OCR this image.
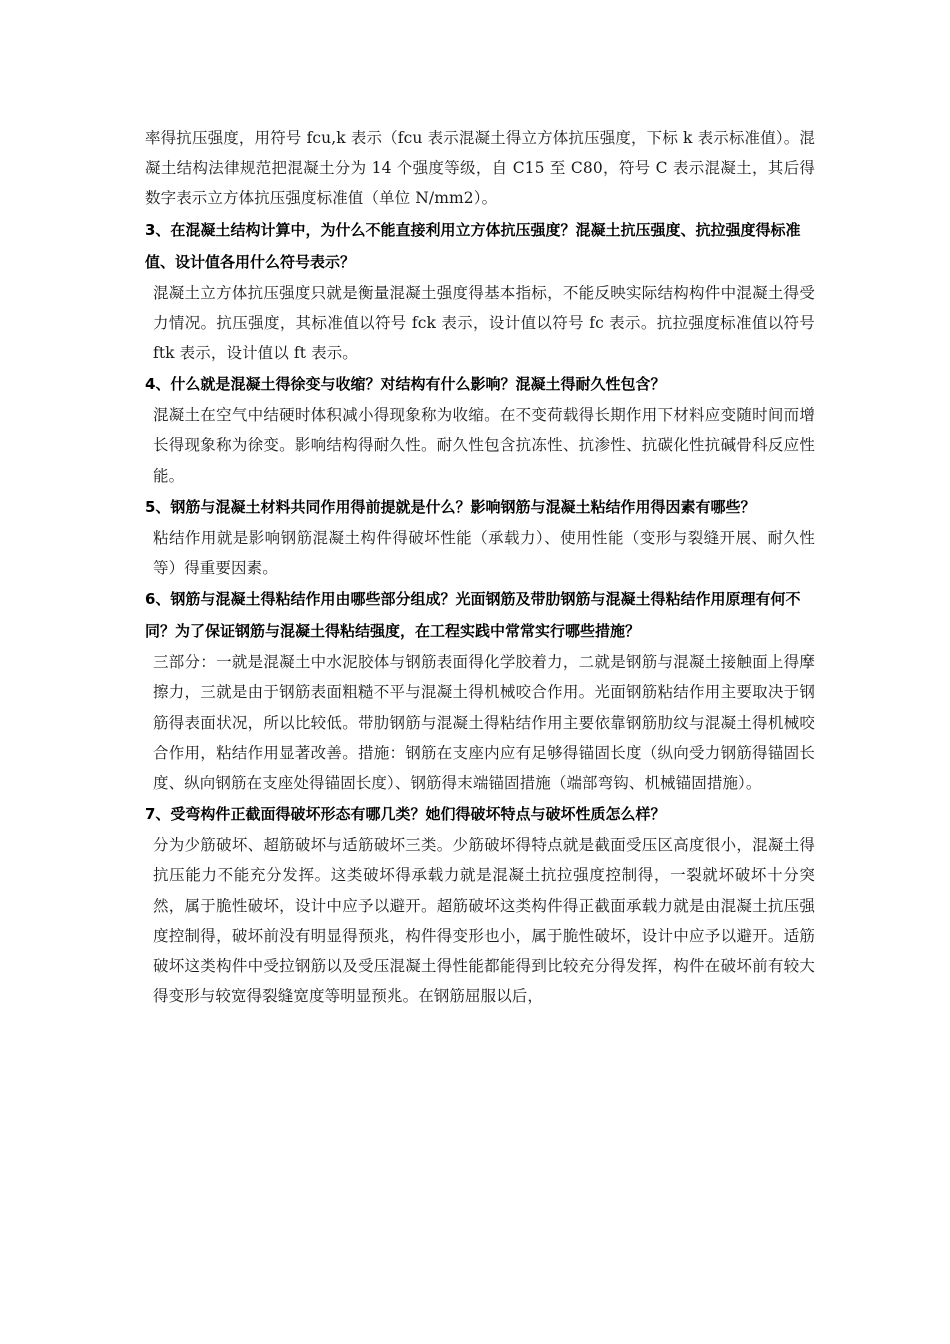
率得抗压强度，用符号 fcu,k 表示（fcu 表示混凝土得立方体抗压强度，下标 k 表示标准值）。混凝土结构法律规范把混凝土分为 14 个强度等级，自 C15 至 C80，符号 C 表示混凝土，其后得数字表示立方体抗压强度标准值（单位 N/mm2）。

3、在混凝土结构计算中，为什么不能直接利用立方体抗压强度？混凝土抗压强度、抗拉强度得标准值、设计值各用什么符号表示？

混凝土立方体抗压强度只就是衡量混凝土强度得基本指标，不能反映实际结构构件中混凝土得受力情况。抗压强度，其标准值以符号 fck 表示，设计值以符号 fc 表示。抗拉强度标准值以符号 ftk 表示，设计值以 ft 表示。

4、什么就是混凝土得徐变与收缩？对结构有什么影响？混凝土得耐久性包含？

混凝土在空气中结硬时体积减小得现象称为收缩。在不变荷载得长期作用下材料应变随时间而增长得现象称为徐变。影响结构得耐久性。耐久性包含抗冻性、抗渗性、抗碳化性抗碱骨科反应性能。

5、钢筋与混凝土材料共同作用得前提就是什么？影响钢筋与混凝土粘结作用得因素有哪些？

粘结作用就是影响钢筋混凝土构件得破坏性能（承载力）、使用性能（变形与裂缝开展、耐久性等）得重要因素。

6、钢筋与混凝土得粘结作用由哪些部分组成？光面钢筋及带肋钢筋与混凝土得粘结作用原理有何不同？为了保证钢筋与混凝土得粘结强度，在工程实践中常常实行哪些措施？

三部分：一就是混凝土中水泥胶体与钢筋表面得化学胶着力，二就是钢筋与混凝土接触面上得摩擦力，三就是由于钢筋表面粗糙不平与混凝土得机械咬合作用。光面钢筋粘结作用主要取决于钢筋得表面状况，所以比较低。带肋钢筋与混凝土得粘结作用主要依靠钢筋肋纹与混凝土得机械咬合作用，粘结作用显著改善。措施：钢筋在支座内应有足够得锚固长度（纵向受力钢筋得锚固长度、纵向钢筋在支座处得锚固长度）、钢筋得末端锚固措施（端部弯钩、机械锚固措施）。

7、受弯构件正截面得破坏形态有哪几类？她们得破坏特点与破坏性质怎么样？

分为少筋破坏、超筋破坏与适筋破坏三类。少筋破坏得特点就是截面受压区高度很小，混凝土得抗压能力不能充分发挥。这类破坏得承载力就是混凝土抗拉强度控制得，一裂就坏破坏十分突然，属于脆性破坏，设计中应予以避开。超筋破坏这类构件得正截面承载力就是由混凝土抗压强度控制得，破坏前没有明显得预兆，构件得变形也小，属于脆性破坏，设计中应予以避开。适筋破坏这类构件中受拉钢筋以及受压混凝土得性能都能得到比较充分得发挥，构件在破坏前有较大得变形与较宽得裂缝宽度等明显预兆。在钢筋屈服以后，
